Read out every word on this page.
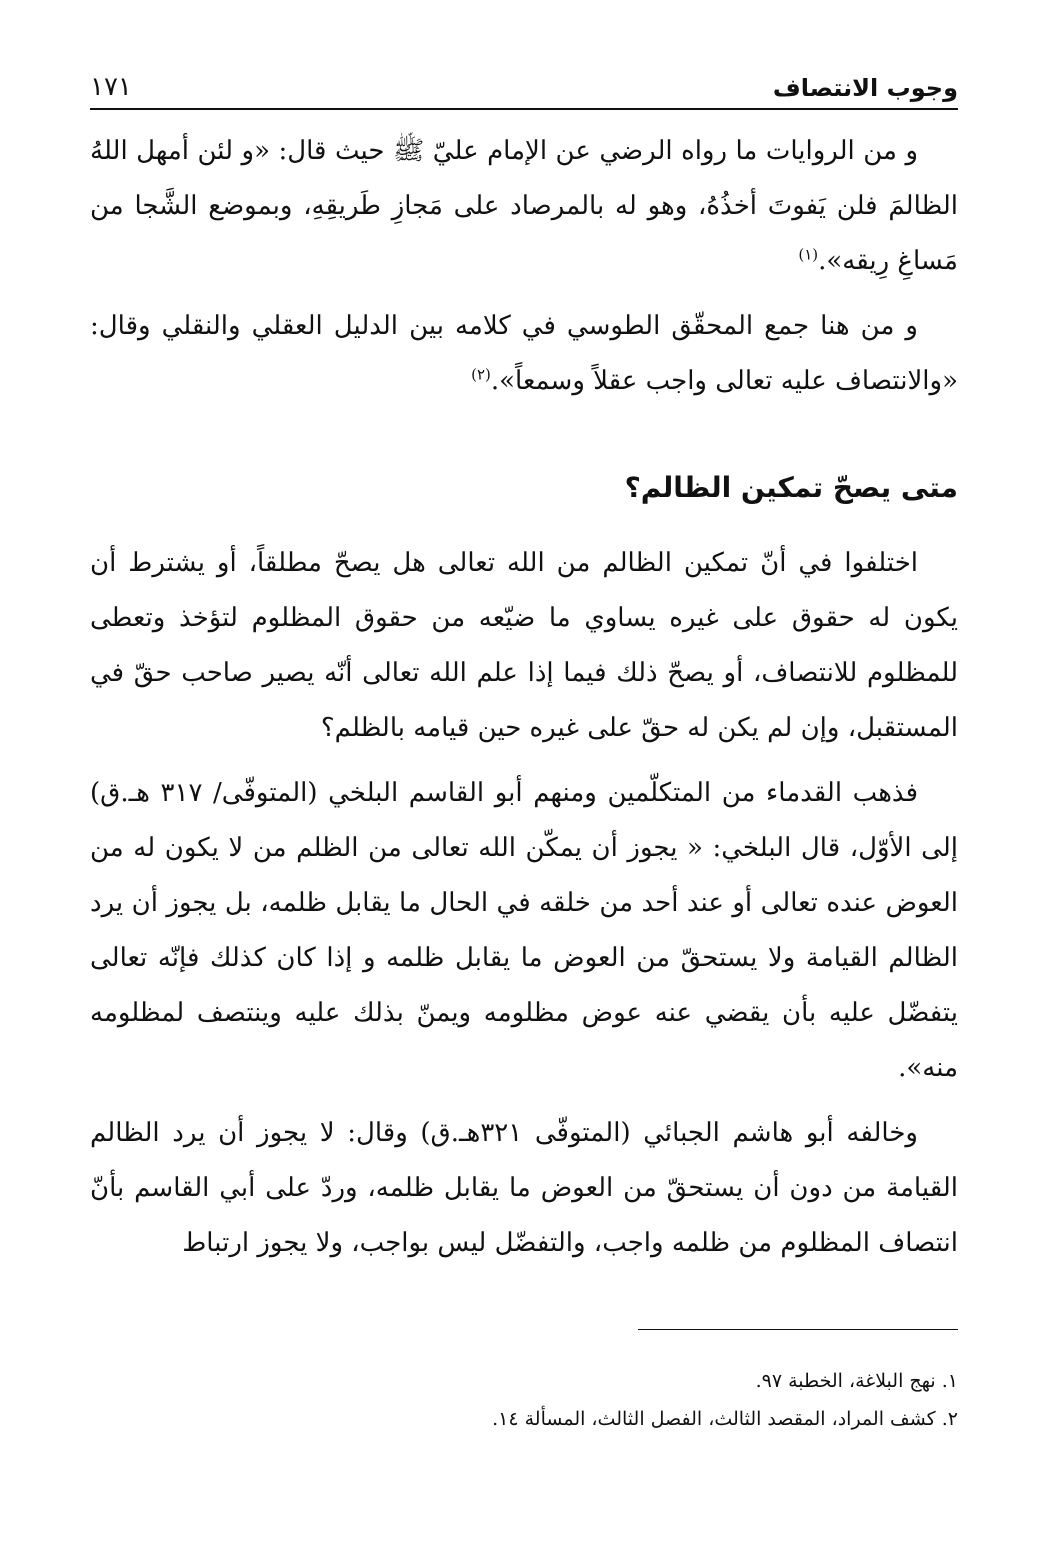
وجوب الانتصاف
١٧١

و من الروايات ما رواه الرضي عن الإمام عليّ ﷺ حيث قال: «و لئن أمهل اللهُ الظالمَ فلن يَفوتَ أخذُهُ، وهو له بالمرصاد على مَجازِ طَريقِهِ، وبموضع الشَّجا من مَساغِ رِيقه».$^{(١)}$

و من هنا جمع المحقّق الطوسي في كلامه بين الدليل العقلي والنقلي وقال: «والانتصاف عليه تعالى واجب عقلاً وسمعاً».$^{(٢)}$

متى يصحّ تمكين الظالم؟

اختلفوا في أنّ تمكين الظالم من الله تعالى هل يصحّ مطلقاً، أو يشترط أن يكون له حقوق على غيره يساوي ما ضيّعه من حقوق المظلوم لتؤخذ وتعطى للمظلوم للانتصاف، أو يصحّ ذلك فيما إذا علم الله تعالى أنّه يصير صاحب حقّ في المستقبل، وإن لم يكن له حقّ على غيره حين قيامه بالظلم؟

فذهب القدماء من المتكلّمين ومنهم أبو القاسم البلخي (المتوفّى/ ٣١٧ هـ.ق) إلى الأوّل، قال البلخي: « يجوز أن يمكّن الله تعالى من الظلم من لا يكون له من العوض عنده تعالى أو عند أحد من خلقه في الحال ما يقابل ظلمه، بل يجوز أن يرد الظالم القيامة ولا يستحقّ من العوض ما يقابل ظلمه و إذا كان كذلك فإنّه تعالى يتفضّل عليه بأن يقضي عنه عوض مظلومه ويمنّ بذلك عليه وينتصف لمظلومه منه».

وخالفه أبو هاشم الجبائي (المتوفّى ٣٢١هـ.ق) وقال: لا يجوز أن يرد الظالم القيامة من دون أن يستحقّ من العوض ما يقابل ظلمه، وردّ على أبي القاسم بأنّ انتصاف المظلوم من ظلمه واجب، والتفضّل ليس بواجب، ولا يجوز ارتباط

١. نهج البلاغة، الخطبة ٩٧.

٢. كشف المراد، المقصد الثالث، الفصل الثالث، المسألة ١٤.
